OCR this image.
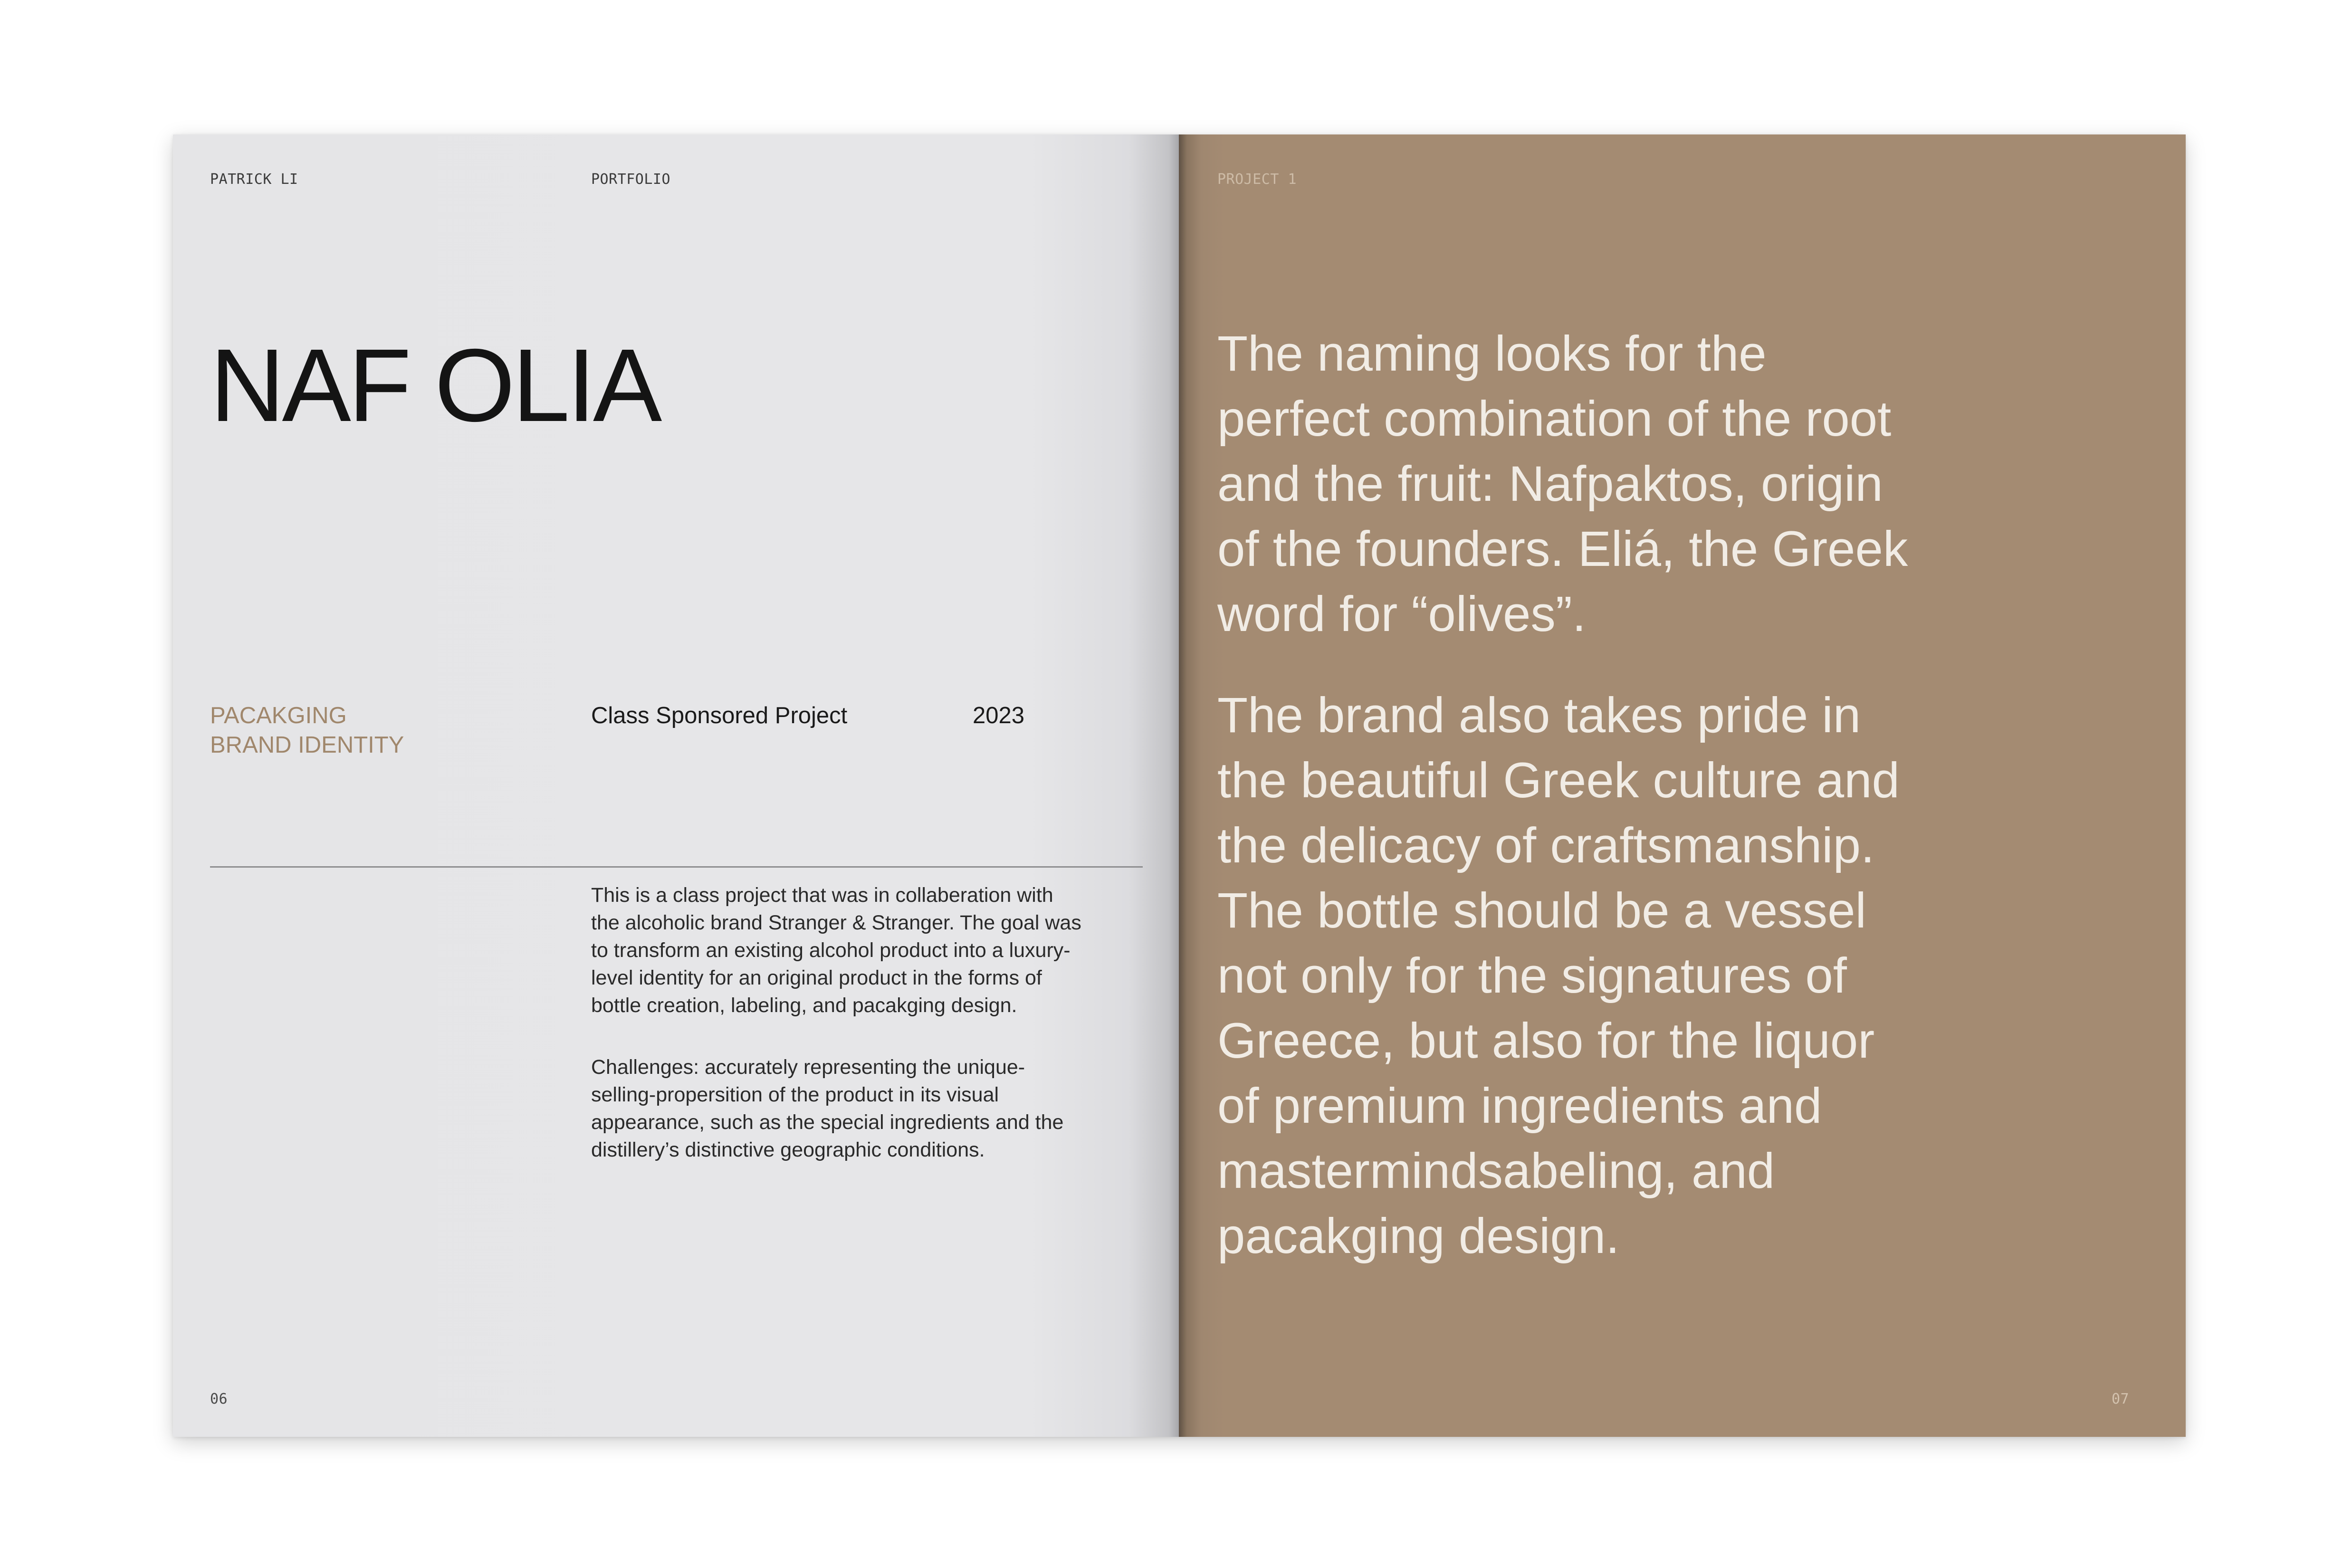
PATRICK LI	PORTFOLIO
NAF OLIA
PACAKGING
BRAND IDENTITY
Class Sponsored Project	2023

This is a class project that was in collaberation with
the alcoholic brand Stranger & Stranger. The goal was
to transform an existing alcohol product into a luxury-
level identity for an original product in the forms of
bottle creation, labeling, and pacakging design.

Challenges: accurately representing the unique-
selling-propersition of the product in its visual
appearance, such as the special ingredients and the
distillery’s distinctive geographic conditions.

06
PROJECT 1

The naming looks for the
perfect combination of the root
and the fruit: Nafpaktos, origin
of the founders. Eliá, the Greek
word for “olives”.

The brand also takes pride in
the beautiful Greek culture and
the delicacy of craftsmanship.
The bottle should be a vessel
not only for the signatures of
Greece, but also for the liquor
of premium ingredients and
mastermindsabeling, and
pacakging design.

07
